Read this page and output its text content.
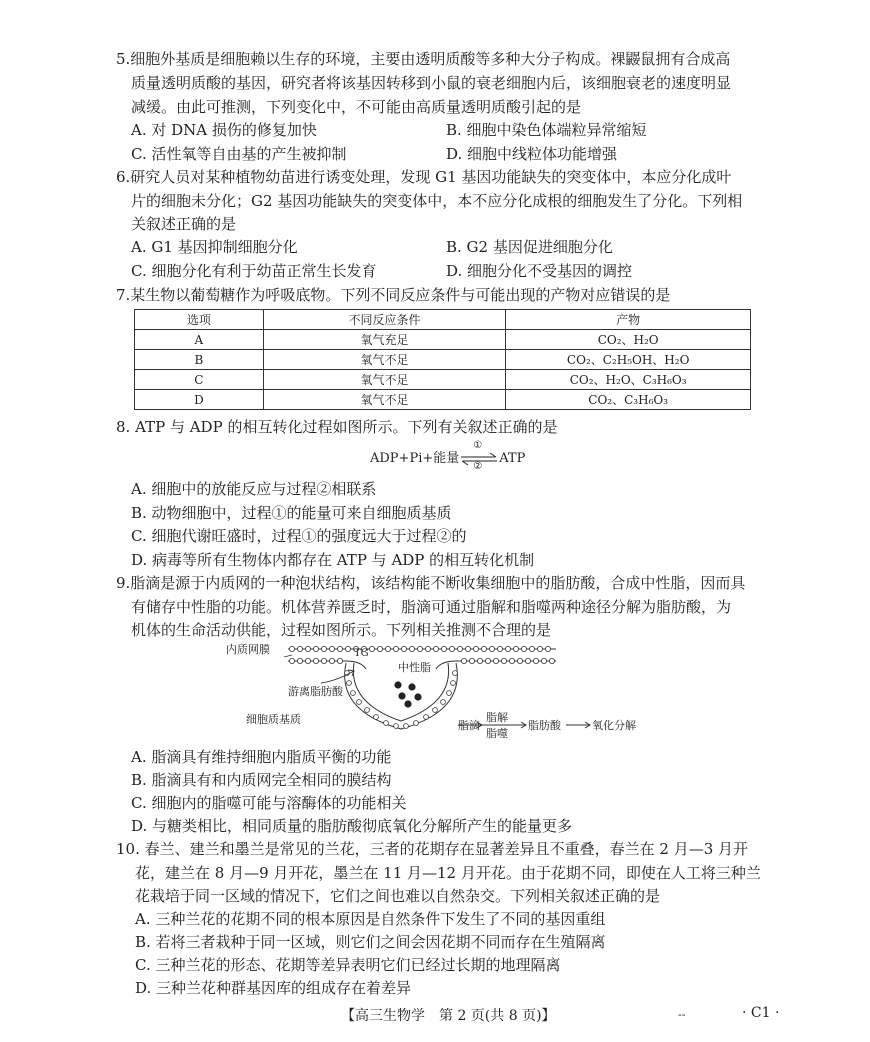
5.细胞外基质是细胞赖以生存的环境，主要由透明质酸等多种大分子构成。裸鼹鼠拥有合成高
质量透明质酸的基因，研究者将该基因转移到小鼠的衰老细胞内后，该细胞衰老的速度明显
减缓。由此可推测，下列变化中，不可能由高质量透明质酸引起的是
A. 对 DNA 损伤的修复加快	B. 细胞中染色体端粒异常缩短
C. 活性氧等自由基的产生被抑制	D. 细胞中线粒体功能增强
6.研究人员对某种植物幼苗进行诱变处理，发现 G1 基因功能缺失的突变体中，本应分化成叶
片的细胞未分化；G2 基因功能缺失的突变体中，本不应分化成根的细胞发生了分化。下列相
关叙述正确的是
A. G1 基因抑制细胞分化	B. G2 基因促进细胞分化
C. 细胞分化有利于幼苗正常生长发育	D. 细胞分化不受基因的调控
7.某生物以葡萄糖作为呼吸底物。下列不同反应条件与可能出现的产物对应错误的是
选项	不同反应条件	产物
A	氧气充足	CO₂、H₂O
B	氧气不足	CO₂、C₂H₅OH、H₂O
C	氧气不足	CO₂、H₂O、C₃H₆O₃
D	氧气不足	CO₂、C₃H₆O₃
8. ATP 与 ADP 的相互转化过程如图所示。下列有关叙述正确的是
ADP+Pi+能量
①
② ATP
A. 细胞中的放能反应与过程②相联系
B. 动物细胞中，过程①的能量可来自细胞质基质
C. 细胞代谢旺盛时，过程①的强度远大于过程②的
D. 病毒等所有生物体内都存在 ATP 与 ADP 的相互转化机制
9.脂滴是源于内质网的一种泡状结构，该结构能不断收集细胞中的脂肪酸，合成中性脂，因而具
有储存中性脂的功能。机体营养匮乏时，脂滴可通过脂解和脂噬两种途径分解为脂肪酸，为
机体的生命活动供能，过程如图所示。下列相关推测不合理的是
内质网膜	TG
中性脂
游离脂肪酸
细胞质基质	脂滴
脂解
脂噬
脂肪酸	氧化分解
A. 脂滴具有维持细胞内脂质平衡的功能
B. 脂滴具有和内质网完全相同的膜结构
C. 细胞内的脂噬可能与溶酶体的功能相关
D. 与糖类相比，相同质量的脂肪酸彻底氧化分解所产生的能量更多
10. 春兰、建兰和墨兰是常见的兰花，三者的花期存在显著差异且不重叠，春兰在 2 月—3 月开
花，建兰在 8 月—9 月开花，墨兰在 11 月—12 月开花。由于花期不同，即使在人工将三种兰
花栽培于同一区域的情况下，它们之间也难以自然杂交。下列相关叙述正确的是
A. 三种兰花的花期不同的根本原因是自然条件下发生了不同的基因重组
B. 若将三者栽种于同一区域，则它们之间会因花期不同而存在生殖隔离
C. 三种兰花的形态、花期等差异表明它们已经过长期的地理隔离
D. 三种兰花种群基因库的组成存在着差异
【高三生物学　第 2 页(共 8 页)】	--	· C1 ·
